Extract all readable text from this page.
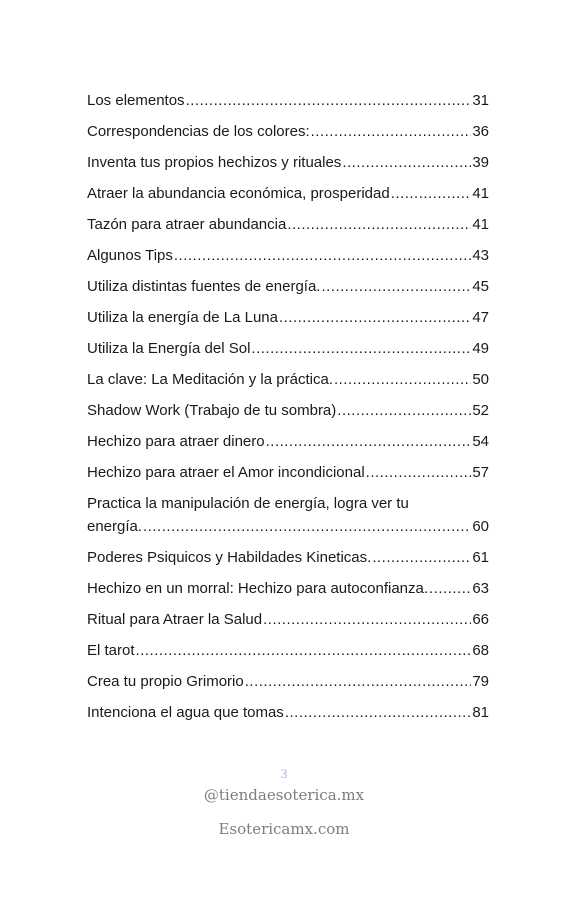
Los elementos .....	31
Correspondencias de los colores: .....	36
Inventa tus propios hechizos y rituales .....	39
Atraer la abundancia económica, prosperidad .....	41
Tazón para atraer abundancia .....	41
Algunos Tips .....	43
Utiliza distintas fuentes de energía. .....	45
Utiliza la energía de La Luna .....	47
Utiliza la Energía del Sol .....	49
La clave: La Meditación y la práctica. .....	50
Shadow Work (Trabajo de tu sombra) .....	52
Hechizo para atraer dinero .....	54
Hechizo para atraer el Amor incondicional .....	57
Practica la manipulación de energía, logra ver tu
energía. .....	60
Poderes Psiquicos y Habildades Kineticas. .....	61
Hechizo en un morral: Hechizo para autoconfianza. .....	63
Ritual para Atraer la Salud .....	66
El tarot .....	68
Crea tu propio Grimorio .....	79
Intenciona el agua que tomas .....	81
3
@tiendaesoterica.mx
Esotericamx.com
